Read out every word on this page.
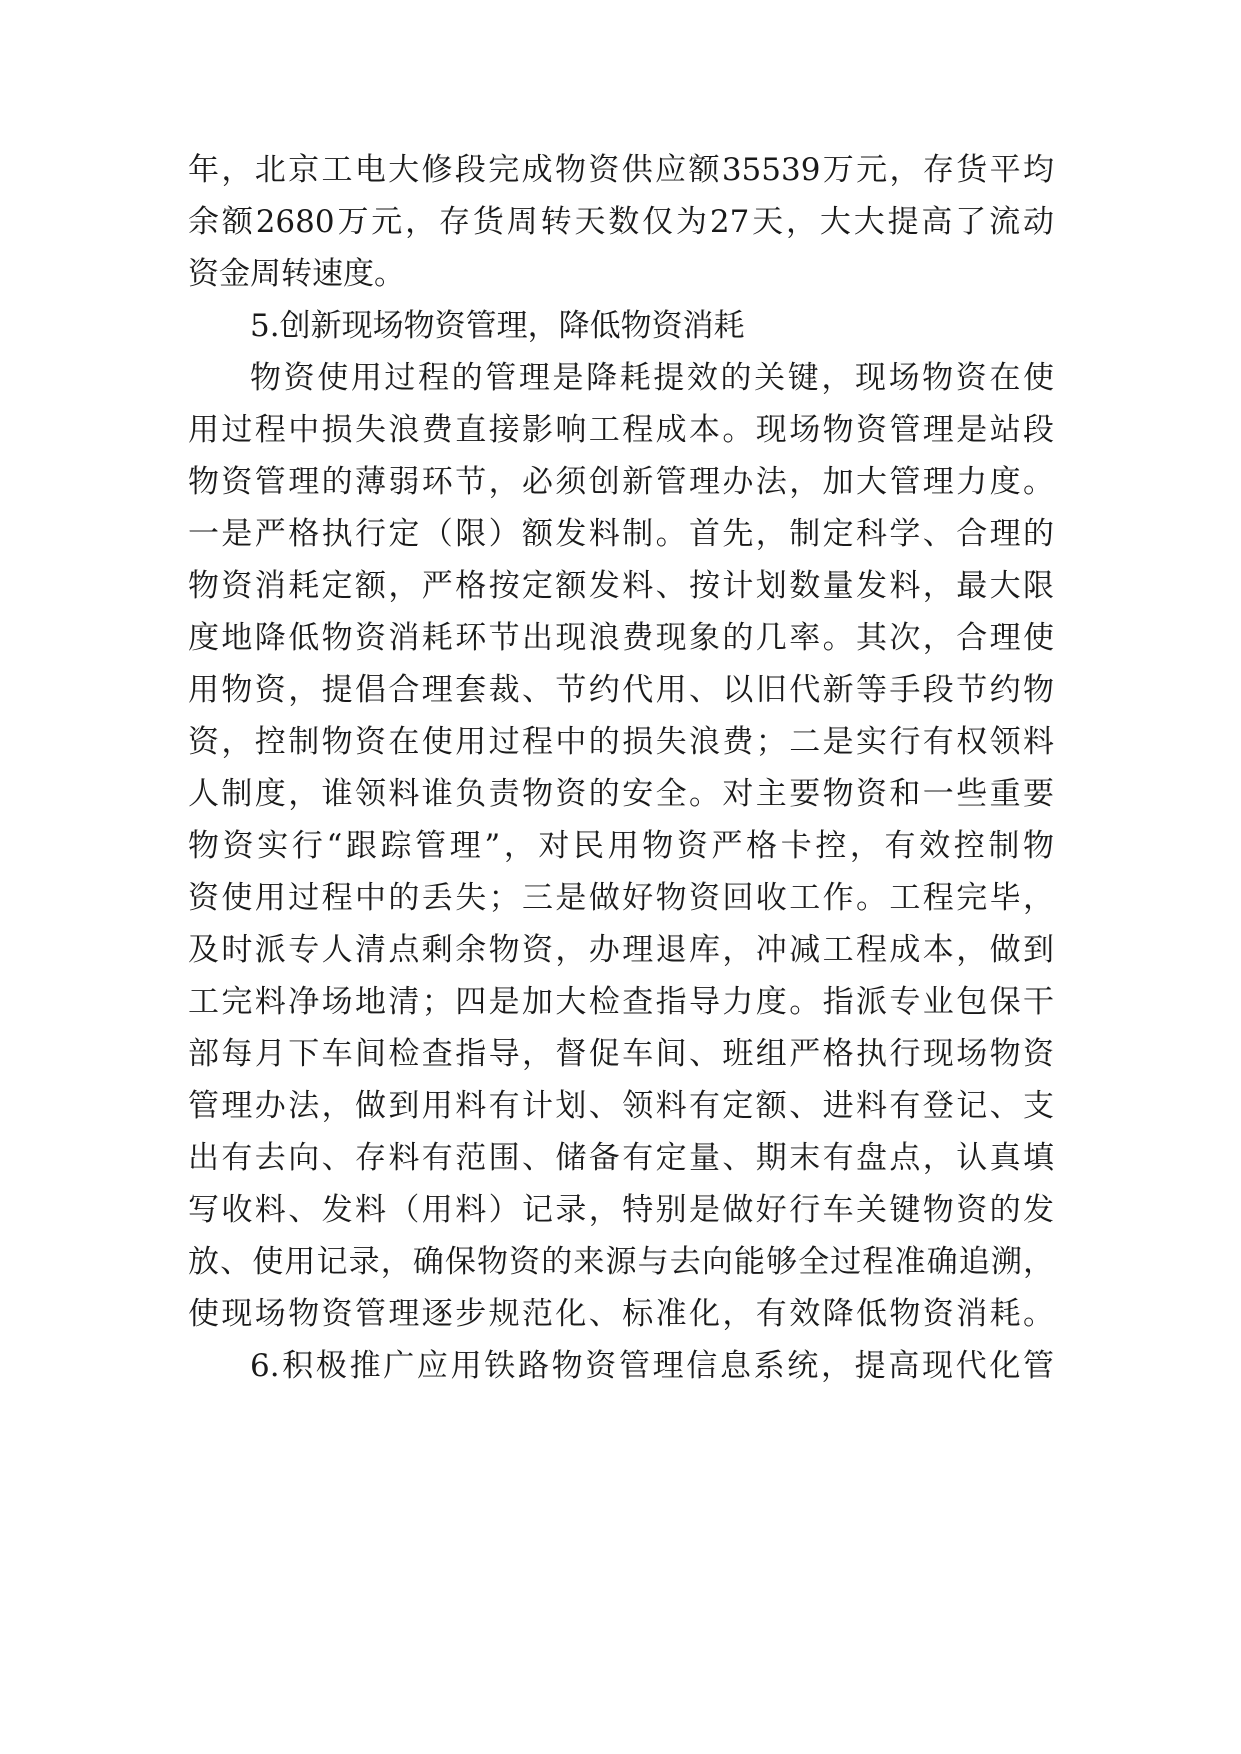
年，北京工电大修段完成物资供应额35539万元，存货平均
余额2680万元，存货周转天数仅为27天，大大提高了流动
资金周转速度。
5.创新现场物资管理，降低物资消耗
物资使用过程的管理是降耗提效的关键，现场物资在使
用过程中损失浪费直接影响工程成本。现场物资管理是站段
物资管理的薄弱环节，必须创新管理办法，加大管理力度。
一是严格执行定（限）额发料制。首先，制定科学、合理的
物资消耗定额，严格按定额发料、按计划数量发料，最大限
度地降低物资消耗环节出现浪费现象的几率。其次，合理使
用物资，提倡合理套裁、节约代用、以旧代新等手段节约物
资，控制物资在使用过程中的损失浪费；二是实行有权领料
人制度，谁领料谁负责物资的安全。对主要物资和一些重要
物资实行“跟踪管理”，对民用物资严格卡控，有效控制物
资使用过程中的丢失；三是做好物资回收工作。工程完毕，
及时派专人清点剩余物资，办理退库，冲减工程成本，做到
工完料净场地清；四是加大检查指导力度。指派专业包保干
部每月下车间检查指导，督促车间、班组严格执行现场物资
管理办法，做到用料有计划、领料有定额、进料有登记、支
出有去向、存料有范围、储备有定量、期末有盘点，认真填
写收料、发料（用料）记录，特别是做好行车关键物资的发
放、使用记录，确保物资的来源与去向能够全过程准确追溯，
使现场物资管理逐步规范化、标准化，有效降低物资消耗。
6.积极推广应用铁路物资管理信息系统，提高现代化管
